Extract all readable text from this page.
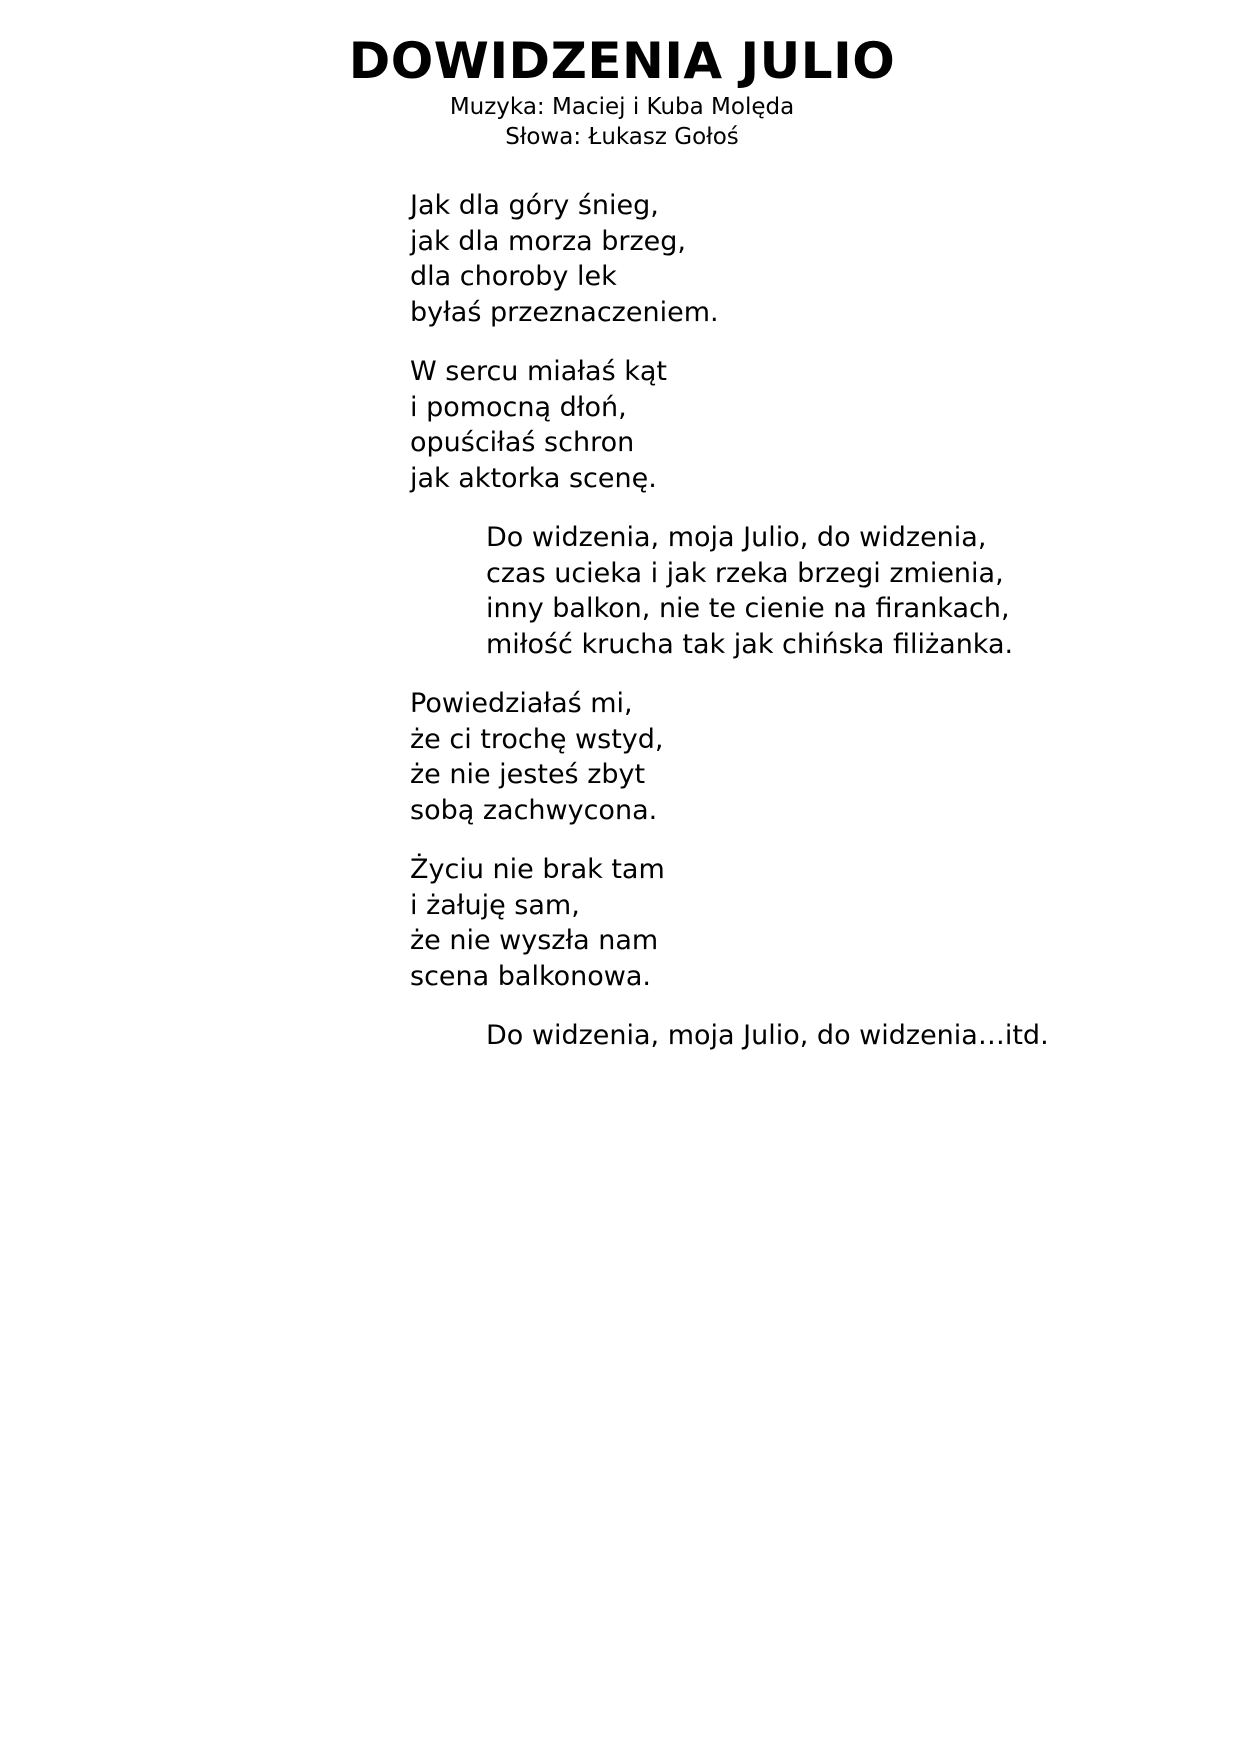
DOWIDZENIA JULIO

Muzyka: Maciej i Kuba Molęda

Słowa: Łukasz Gołoś

Jak dla góry śnieg,
jak dla morza brzeg,
dla choroby lek
byłaś przeznaczeniem.
W sercu miałaś kąt
i pomocną dłoń,
opuściłaś schron
jak aktorka scenę.
Do widzenia, moja Julio, do widzenia,
czas ucieka i jak rzeka brzegi zmienia,
inny balkon, nie te cienie na firankach,
miłość krucha tak jak chińska filiżanka.
Powiedziałaś mi,
że ci trochę wstyd,
że nie jesteś zbyt
sobą zachwycona.
Życiu nie brak tam
i żałuję sam,
że nie wyszła nam
scena balkonowa.
Do widzenia, moja Julio, do widzenia…itd.
